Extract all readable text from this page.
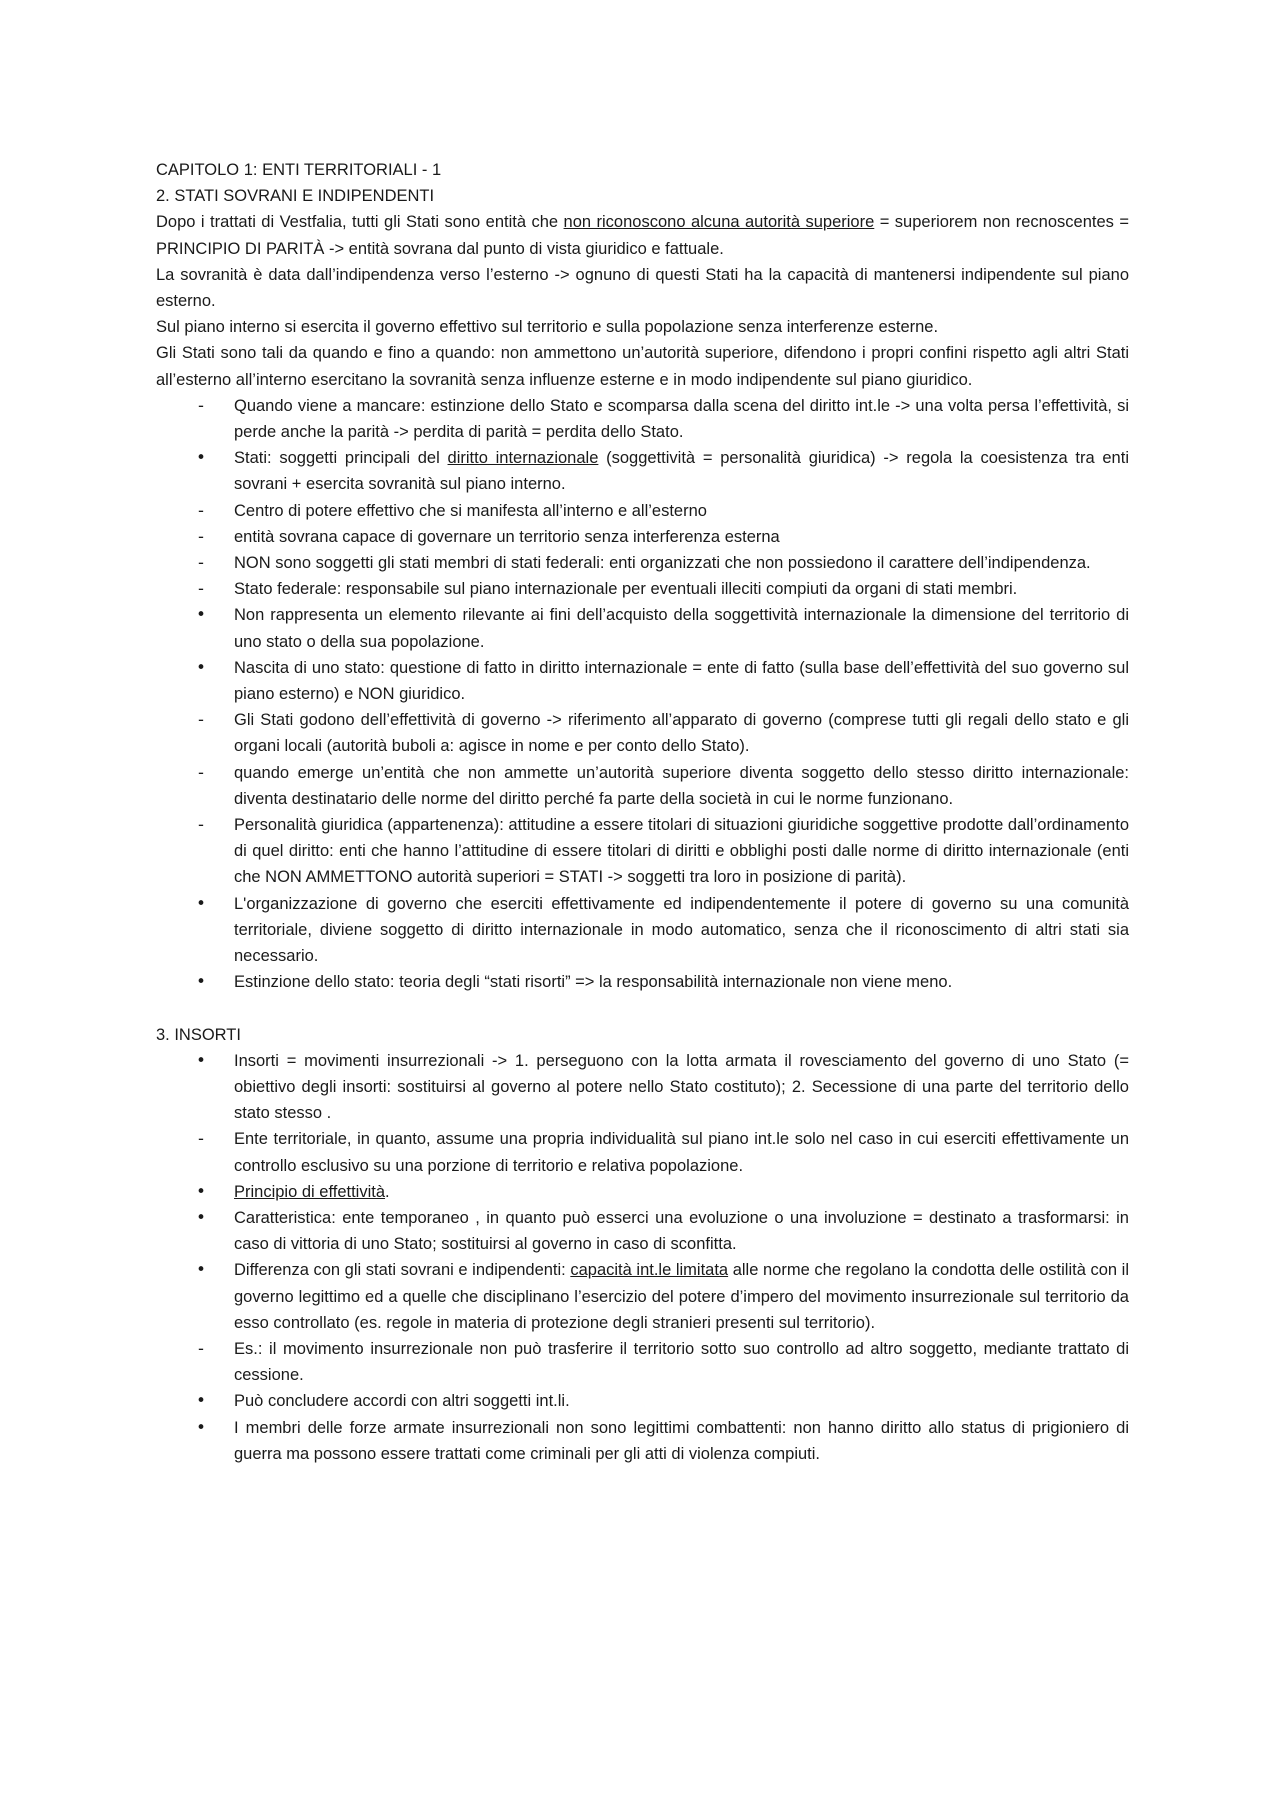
CAPITOLO 1: ENTI TERRITORIALI - 1

2. STATI SOVRANI E INDIPENDENTI

Dopo i trattati di Vestfalia, tutti gli Stati sono entità che non riconoscono alcuna autorità superiore = superiorem non recnoscentes = PRINCIPIO DI PARITÀ -> entità sovrana dal punto di vista giuridico e fattuale.

La sovranità è data dall’indipendenza verso l’esterno -> ognuno di questi Stati ha la capacità di mantenersi indipendente sul piano esterno.

Sul piano interno si esercita il governo effettivo sul territorio e sulla popolazione senza interferenze esterne.

Gli Stati sono tali da quando e fino a quando: non ammettono un’autorità superiore, difendono i propri confini rispetto agli altri Stati all’esterno all’interno esercitano la sovranità senza influenze esterne e in modo indipendente sul piano giuridico.

-	Quando viene a mancare: estinzione dello Stato e scomparsa dalla scena del diritto int.le -> una volta persa l’effettività, si perde anche la parità -> perdita di parità = perdita dello Stato.
•	Stati: soggetti principali del diritto internazionale (soggettività = personalità giuridica) -> regola la coesistenza tra enti sovrani + esercita sovranità sul piano interno.
-	Centro di potere effettivo che si manifesta all’interno e all’esterno
-	entità sovrana capace di governare un territorio senza interferenza esterna
-	NON sono soggetti gli stati membri di stati federali: enti organizzati che non possiedono il carattere dell’indipendenza.
-	Stato federale: responsabile sul piano internazionale per eventuali illeciti compiuti da organi di stati membri.
•	Non rappresenta un elemento rilevante ai fini dell’acquisto della soggettività internazionale la dimensione del territorio di uno stato o della sua popolazione.
•	Nascita di uno stato: questione di fatto in diritto internazionale = ente di fatto (sulla base dell’effettività del suo governo sul piano esterno) e NON giuridico.
-	Gli Stati godono dell’effettività di governo -> riferimento all’apparato di governo (comprese tutti gli regali dello stato e gli organi locali (autorità buboli a: agisce in nome e per conto dello Stato).
-	quando emerge un’entità che non ammette un’autorità superiore diventa soggetto dello stesso diritto internazionale: diventa destinatario delle norme del diritto perché fa parte della società in cui le norme funzionano.
-	Personalità giuridica (appartenenza): attitudine a essere titolari di situazioni giuridiche soggettive prodotte dall’ordinamento di quel diritto: enti che hanno l’attitudine di essere titolari di diritti e obblighi posti dalle norme di diritto internazionale (enti che NON AMMETTONO autorità superiori = STATI -> soggetti tra loro in posizione di parità).
•	L'organizzazione di governo che eserciti effettivamente ed indipendentemente il potere di governo su una comunità territoriale, diviene soggetto di diritto internazionale in modo automatico, senza che il riconoscimento di altri stati sia necessario.
•	Estinzione dello stato: teoria degli “stati risorti” => la responsabilità internazionale non viene meno.

3. INSORTI

•	Insorti = movimenti insurrezionali -> 1. perseguono con la lotta armata il rovesciamento del governo di uno Stato (= obiettivo degli insorti: sostituirsi al governo al potere nello Stato costituto); 2. Secessione di una parte del territorio dello stato stesso .
-	Ente territoriale, in quanto, assume una propria individualità sul piano int.le solo nel caso in cui eserciti effettivamente un controllo esclusivo su una porzione di territorio e relativa popolazione.
•	Principio di effettività.
•	Caratteristica: ente temporaneo , in quanto può esserci una evoluzione o una involuzione = destinato a trasformarsi: in caso di vittoria di uno Stato; sostituirsi al governo in caso di sconfitta.
•	Differenza con gli stati sovrani e indipendenti: capacità int.le limitata alle norme che regolano la condotta delle ostilità con il governo legittimo ed a quelle che disciplinano l’esercizio del potere d’impero del movimento insurrezionale sul territorio da esso controllato (es. regole in materia di protezione degli stranieri presenti sul territorio).
-	Es.: il movimento insurrezionale non può trasferire il territorio sotto suo controllo ad altro soggetto, mediante trattato di cessione.
•	Può concludere accordi con altri soggetti int.li.
•	I membri delle forze armate insurrezionali non sono legittimi combattenti: non hanno diritto allo status di prigioniero di guerra ma possono essere trattati come criminali per gli atti di violenza compiuti.
